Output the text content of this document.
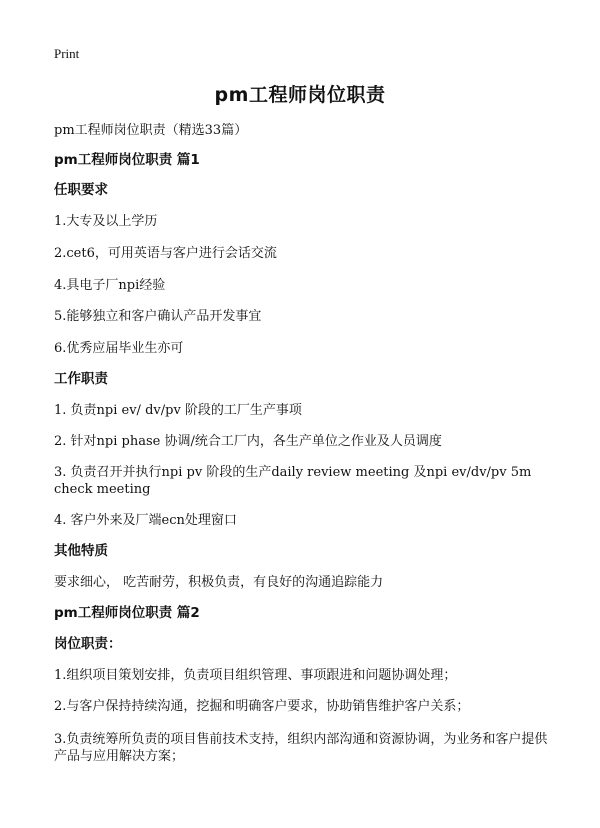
Print
pm工程师岗位职责
pm工程师岗位职责（精选33篇）
pm工程师岗位职责 篇1
任职要求
1.大专及以上学历
2.cet6，可用英语与客户进行会话交流
4.具电子厂npi经验
5.能够独立和客户确认产品开发事宜
6.优秀应届毕业生亦可
工作职责
1. 负责npi ev/ dv/pv 阶段的工厂生产事项
2. 针对npi phase 协调/统合工厂内，各生产单位之作业及人员调度
3. 负责召开并执行npi pv 阶段的生产daily review meeting 及npi ev/dv/pv 5m check meeting
4. 客户外来及厂端ecn处理窗口
其他特质
要求细心， 吃苦耐劳，积极负责，有良好的沟通追踪能力
pm工程师岗位职责 篇2
岗位职责：
1.组织项目策划安排，负责项目组织管理、事项跟进和问题协调处理；
2.与客户保持持续沟通，挖掘和明确客户要求，协助销售维护客户关系；
3.负责统筹所负责的项目售前技术支持，组织内部沟通和资源协调，为业务和客户提供产品与应用解决方案；
